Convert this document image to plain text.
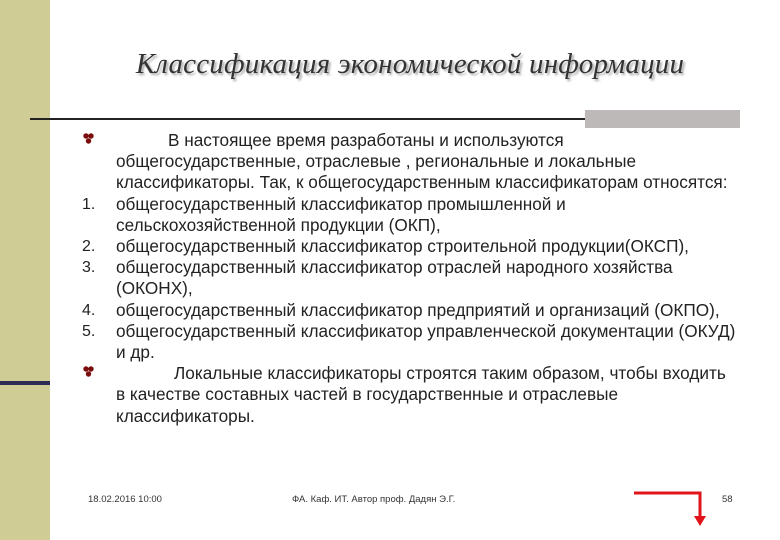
Классификация экономической информации
В настоящее время разработаны и используются общегосударственные, отраслевые , региональные и локальные классификаторы. Так, к общегосударственным классификаторам относятся:
1. общегосударственный классификатор промышленной и сельскохозяйственной продукции (ОКП),
2. общегосударственный классификатор строительной продукции(ОКСП),
3. общегосударственный классификатор отраслей народного хозяйства (ОКОНХ),
4. общегосударственный классификатор предприятий и организаций (ОКПО),
5. общегосударственный классификатор управленческой документации (ОКУД) и др.
Локальные классификаторы строятся таким образом, чтобы входить в качестве составных частей в государственные и отраслевые классификаторы.
18.02.2016 10:00	ФА. Каф. ИТ. Автор проф. Дадян Э.Г.	58
